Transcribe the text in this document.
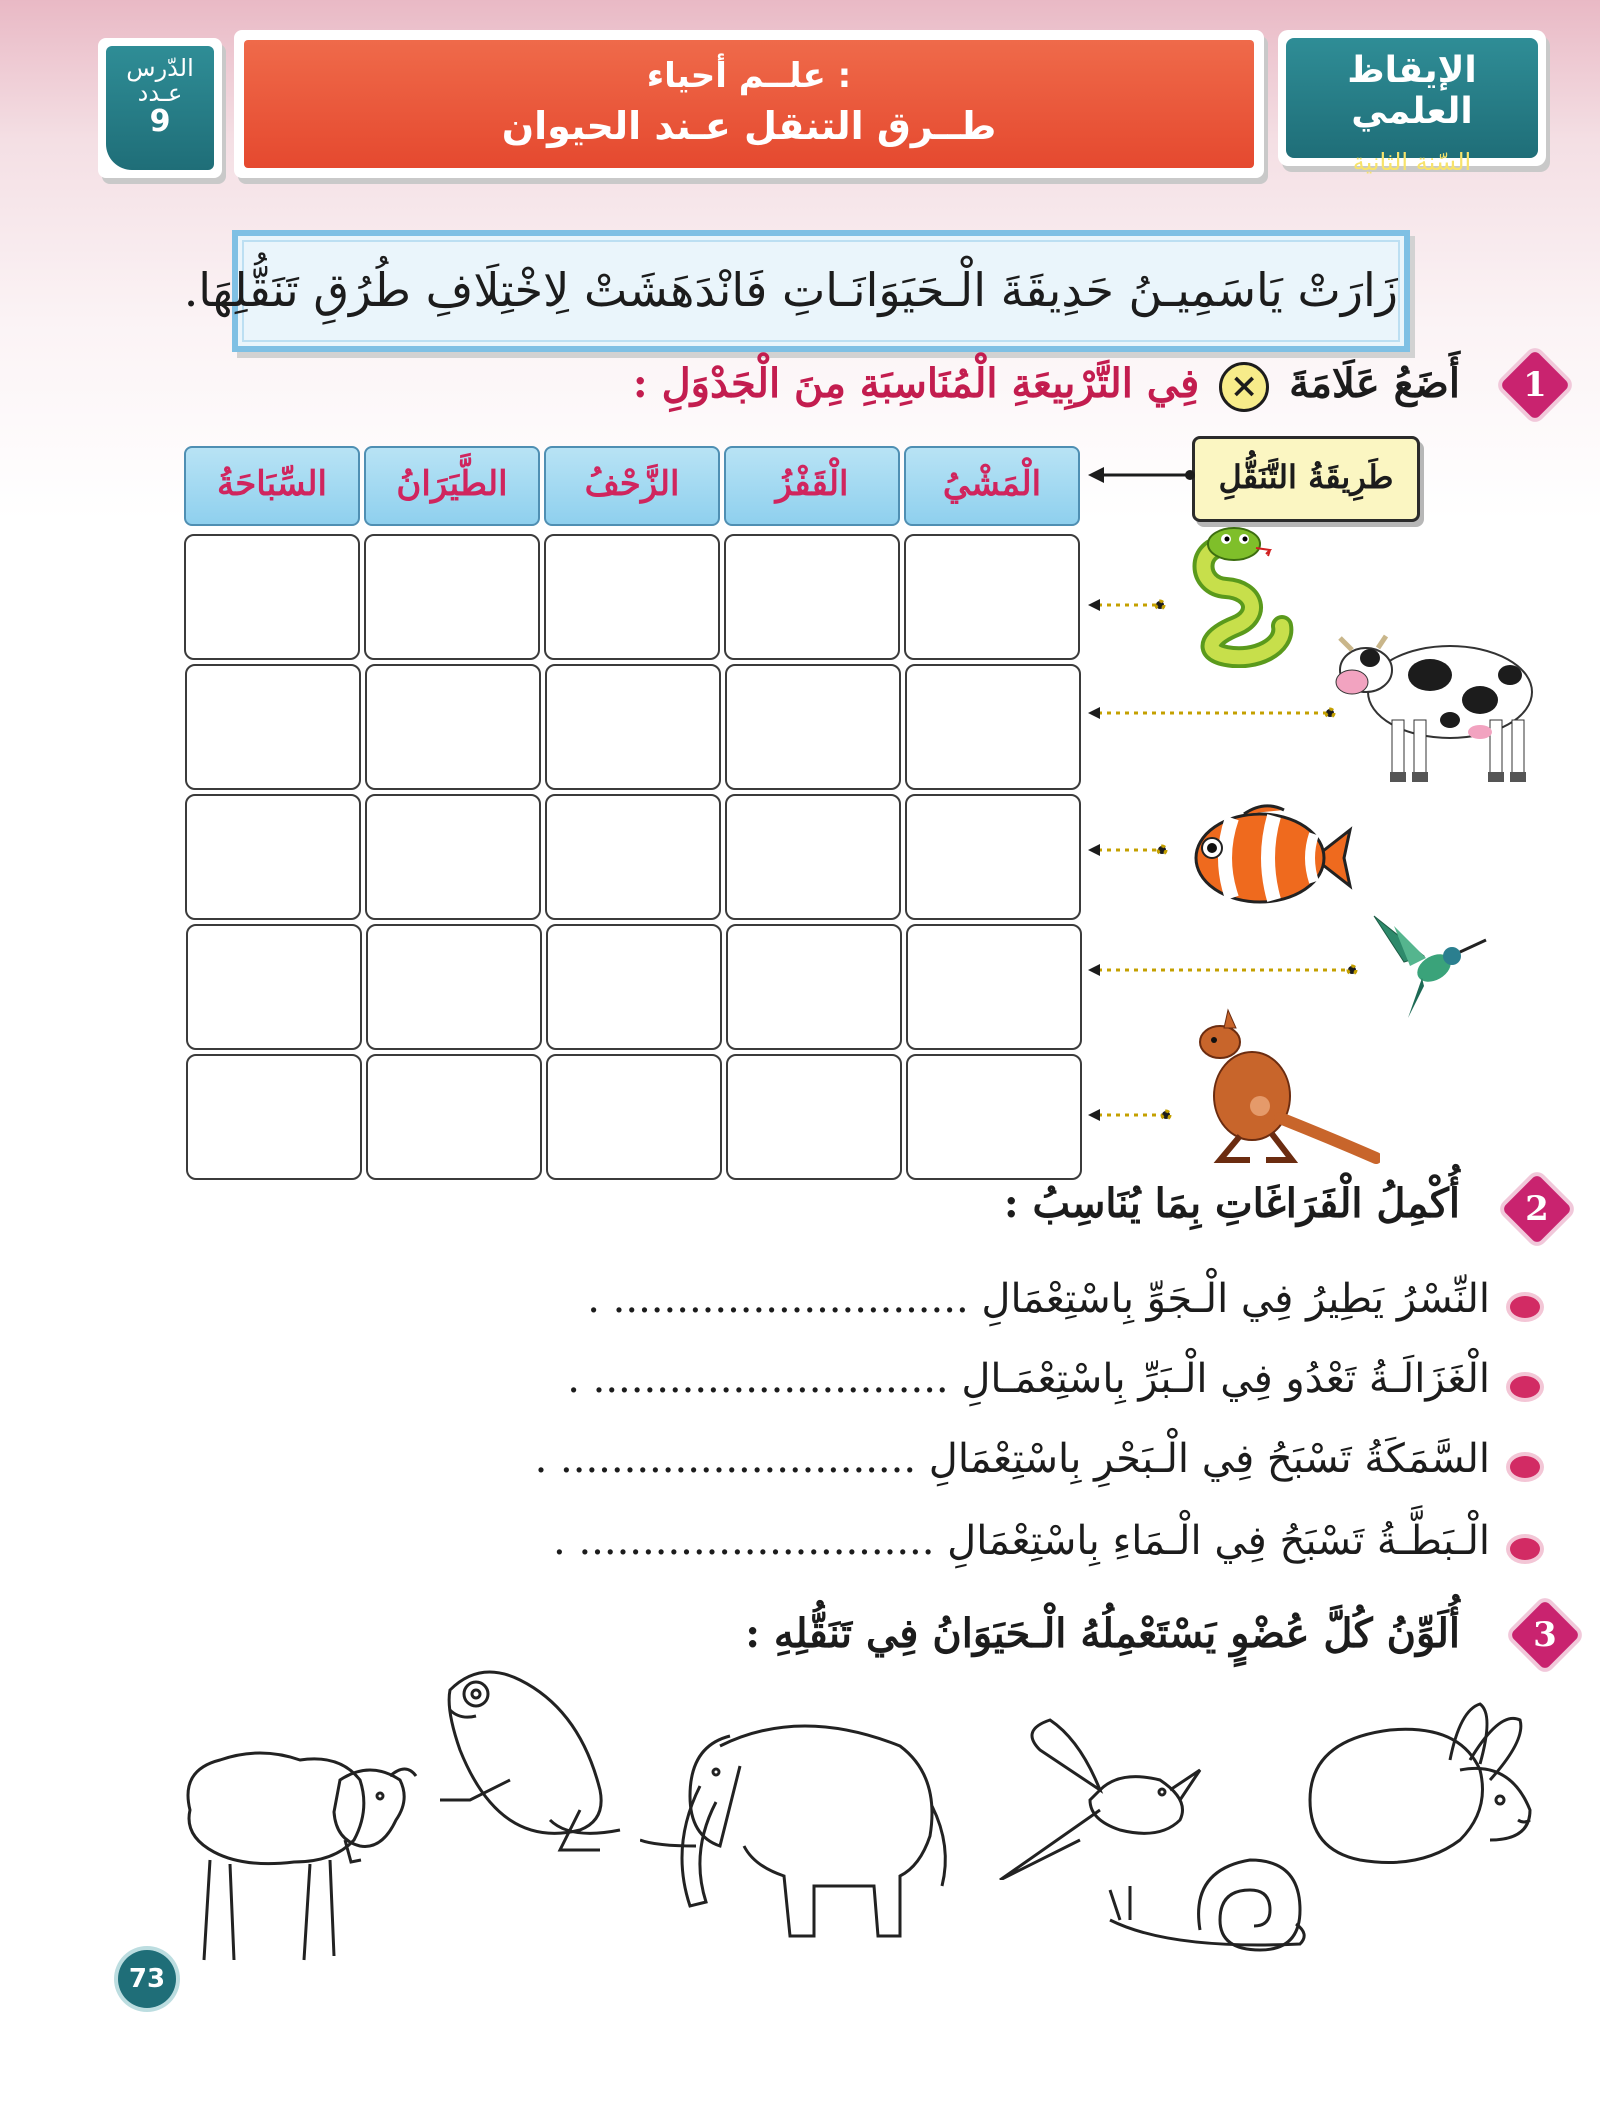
الإيقاظ العلمي
السّنة الثانية
علــم أحياء :
طــرق التنقل عـند الحيوان
الدّرس
عـدد
9
زَارَتْ يَاسَمِيـنُ حَدِيقَةَ الْـحَيَوَانَـاتِ فَانْدَهَشَتْ لِاخْتِلَافِ طُرُقِ تَنَقُّلِهَا.
1
أَضَعُ عَلَامَةَ × فِي التَّرْبِيعَةِ الْمُنَاسِبَةِ مِنَ الْجَدْوَلِ :
طَرِيقَةُ التَّنَقُّلِ
الْمَشْيُ
الْقَفْزُ
الزَّحْفُ
الطَّيَرَانُ
السِّبَاحَةُ
2
أُكْمِلُ الْفَرَاغَاتِ بِمَا يُنَاسِبُ :
النِّسْرُ يَطِيرُ فِي الْـجَوِّ بِاسْتِعْمَالِ ............................ .
الْغَزَالَـةُ تَعْدُو فِي الْـبَرِّ بِاسْتِعْمَـالِ ............................ .
السَّمَكَةُ تَسْبَحُ فِي الْـبَحْرِ بِاسْتِعْمَالِ ............................ .
الْـبَطَّـةُ تَسْبَحُ فِي الْـمَاءِ بِاسْتِعْمَالِ ............................ .
3
أُلَوِّنُ كُلَّ عُضْوٍ يَسْتَعْمِلُهُ الْـحَيَوَانُ فِي تَنَقُّلِهِ :
73
